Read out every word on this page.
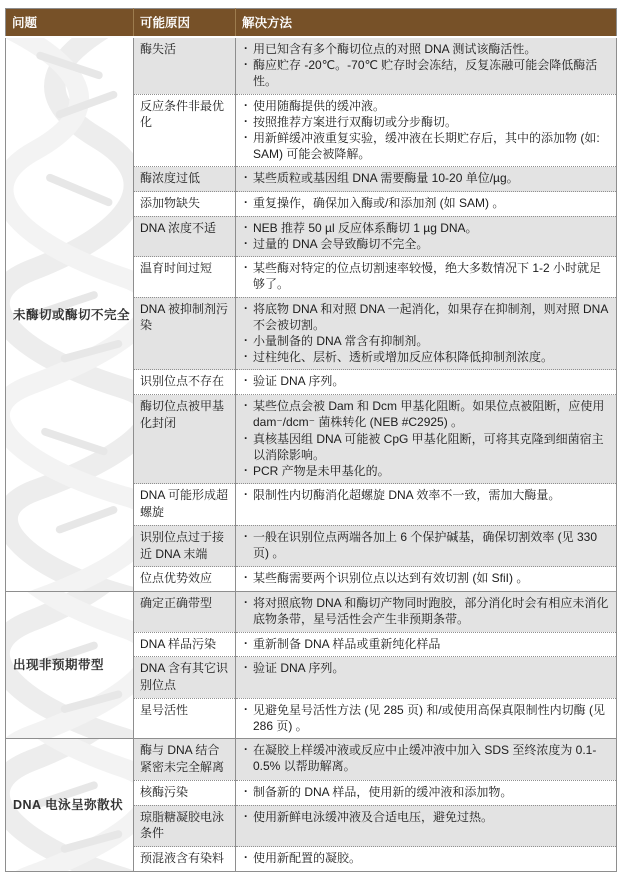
问题	可能原因	解决方法

未酶切或酶切不完全	酶失活	· 用已知含有多个酶切位点的对照 DNA 测试该酶活性。
· 酶应贮存 -20℃。-70℃ 贮存时会冻结，反复冻融可能会降低酶活性。

	反应条件非最优化	· 使用随酶提供的缓冲液。
· 按照推荐方案进行双酶切或分步酶切。
· 用新鲜缓冲液重复实验，缓冲液在长期贮存后，其中的添加物 (如: SAM) 可能会被降解。

	酶浓度过低	· 某些质粒或基因组 DNA 需要酶量 10-20 单位/µg。

	添加物缺失	· 重复操作，确保加入酶或/和添加剂 (如 SAM) 。

	DNA 浓度不适	· NEB 推荐 50 µl 反应体系酶切 1 µg DNA。
· 过量的 DNA 会导致酶切不完全。

	温育时间过短	· 某些酶对特定的位点切割速率较慢，绝大多数情况下 1-2 小时就足够了。

	DNA 被抑制剂污染	· 将底物 DNA 和对照 DNA 一起消化，如果存在抑制剂，则对照 DNA 不会被切割。
· 小量制备的 DNA 常含有抑制剂。
· 过柱纯化、层析、透析或增加反应体积降低抑制剂浓度。

	识别位点不存在	· 验证 DNA 序列。

	酶切位点被甲基化封闭	· 某些位点会被 Dam 和 Dcm 甲基化阻断。如果位点被阻断，应使用 dam⁻/dcm⁻ 菌株转化 (NEB #C2925) 。
· 真核基因组 DNA 可能被 CpG 甲基化阻断，可将其克隆到细菌宿主以消除影响。
· PCR 产物是未甲基化的。

	DNA 可能形成超螺旋	· 限制性内切酶消化超螺旋 DNA 效率不一致，需加大酶量。

	识别位点过于接近 DNA 末端	· 一般在识别位点两端各加上 6 个保护碱基，确保切割效率 (见 330 页) 。

	位点优势效应	· 某些酶需要两个识别位点以达到有效切割 (如 SfiI) 。

出现非预期带型	确定正确带型	· 将对照底物 DNA 和酶切产物同时跑胶，部分消化时会有相应未消化底物条带，星号活性会产生非预期条带。

	DNA 样品污染	· 重新制备 DNA 样品或重新纯化样品

	DNA 含有其它识别位点	· 验证 DNA 序列。

	星号活性	· 见避免星号活性方法 (见 285 页) 和/或使用高保真限制性内切酶 (见 286 页) 。

DNA 电泳呈弥散状	酶与 DNA 结合紧密未完全解离	· 在凝胶上样缓冲液或反应中止缓冲液中加入 SDS 至终浓度为 0.1-0.5% 以帮助解离。

	核酶污染	· 制备新的 DNA 样品，使用新的缓冲液和添加物。

	琼脂糖凝胶电泳条件	· 使用新鲜电泳缓冲液及合适电压，避免过热。

	预混液含有染料	· 使用新配置的凝胶。
